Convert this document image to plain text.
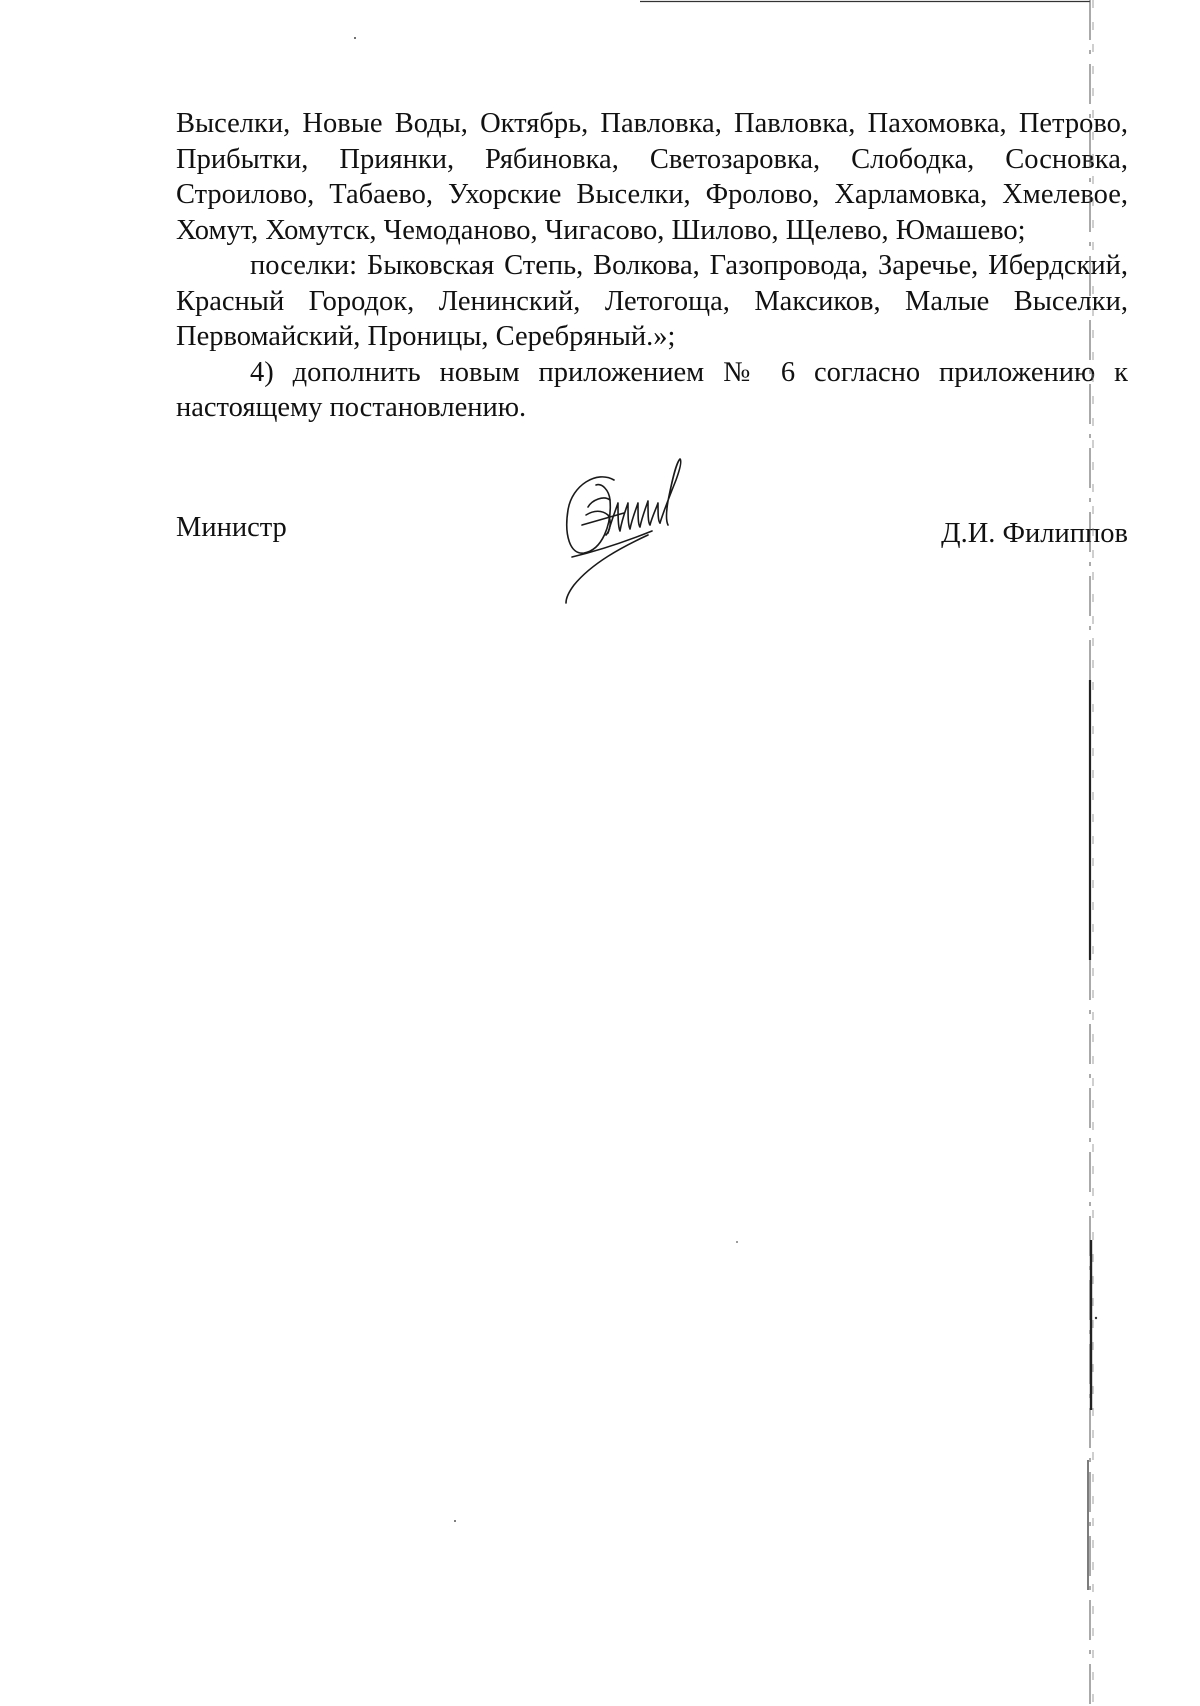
Выселки, Новые Воды, Октябрь, Павловка, Павловка, Пахомовка, Петрово, Прибытки, Приянки, Рябиновка, Светозаровка, Слободка, Сосновка, Строилово, Табаево, Ухорские Выселки, Фролово, Харламовка, Хмелевое, Хомут, Хомутск, Чемоданово, Чигасово, Шилово, Щелево, Юмашево;

поселки: Быковская Степь, Волкова, Газопровода, Заречье, Ибердский, Красный Городок, Ленинский, Летогоща, Максиков, Малые Выселки, Первомайский, Проницы, Серебряный.»;

4) дополнить новым приложением № 6 согласно приложению к настоящему постановлению.

Министр	Д.И. Филиппов
